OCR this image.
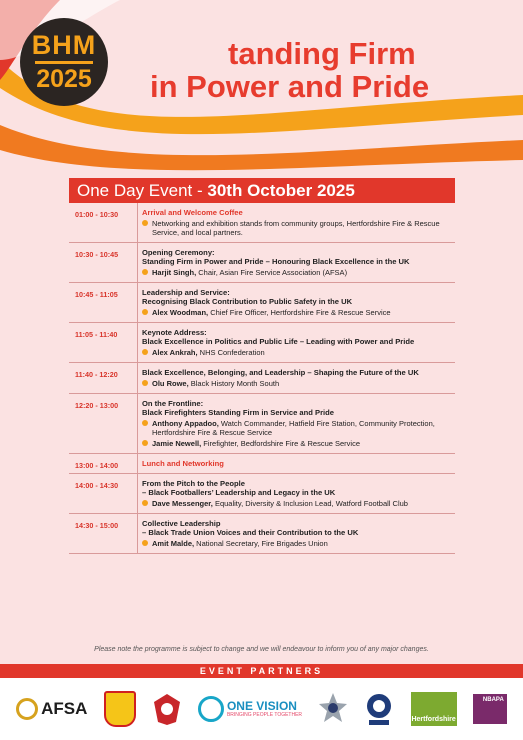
BHM
2025
tanding Firm
in Power and Pride
One Day Event - 30th October 2025
01:00 - 10:30	Arrival and Welcome Coffee
Networking and exhibition stands from community groups, Hertfordshire Fire & Rescue Service, and local partners.
10:30 - 10:45	Opening Ceremony:
Standing Firm in Power and Pride – Honouring Black Excellence in the UK
Harjit Singh, Chair, Asian Fire Service Association (AFSA)
10:45 - 11:05	Leadership and Service:
Recognising Black Contribution to Public Safety in the UK
Alex Woodman, Chief Fire Officer, Hertfordshire Fire & Rescue Service
11:05 - 11:40	Keynote Address:
Black Excellence in Politics and Public Life – Leading with Power and Pride
Alex Ankrah, NHS Confederation
11:40 - 12:20	Black Excellence, Belonging, and Leadership – Shaping the Future of the UK
Olu Rowe, Black History Month South
12:20 - 13:00	On the Frontline:
Black Firefighters Standing Firm in Service and Pride
Anthony Appadoo, Watch Commander, Hatfield Fire Station, Community Protection, Hertfordshire Fire & Rescue Service
Jamie Newell, Firefighter, Bedfordshire Fire & Rescue Service
13:00 - 14:00	Lunch and Networking
14:00 - 14:30	From the Pitch to the People
– Black Footballers’ Leadership and Legacy in the UK
Dave Messenger, Equality, Diversity & Inclusion Lead, Watford Football Club
14:30 - 15:00	Collective Leadership
– Black Trade Union Voices and their Contribution to the UK
Amit Malde, National Secretary, Fire Brigades Union
Please note the programme is subject to change and we will endeavour to inform you of any major changes.
EVENT PARTNERS
AFSA	ONE VISION
BRINGING PEOPLE TOGETHER
Hertfordshire
NBAPA
